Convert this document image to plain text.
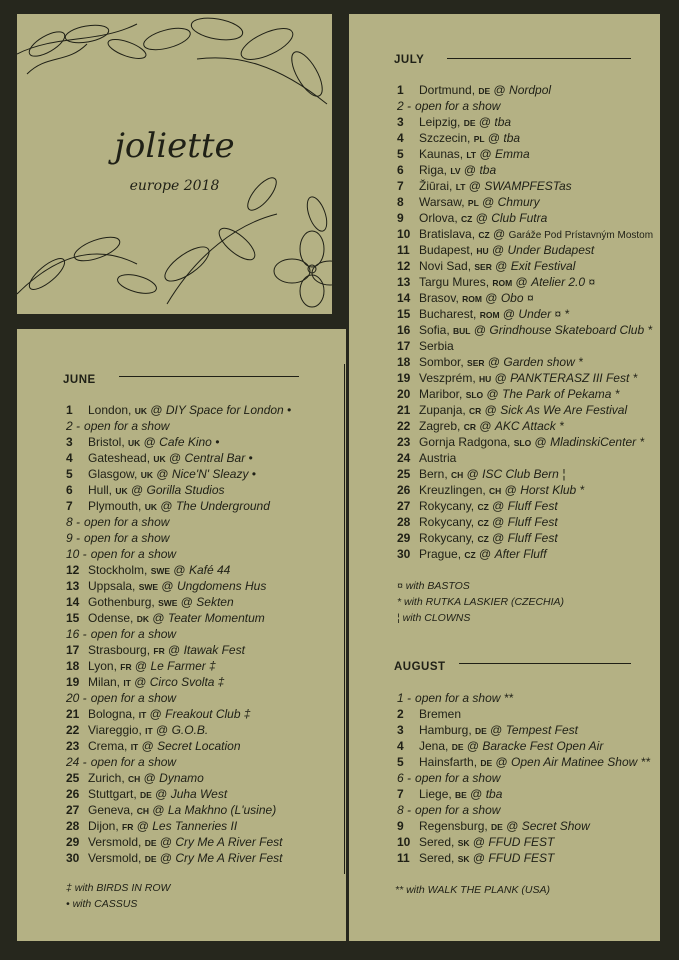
joliette
europe 2018
JUNE
1 London, UK @ DIY Space for London •
2 - open for a show
3 Bristol, UK @ Cafe Kino •
4 Gateshead, UK @ Central Bar •
5 Glasgow, UK @ Nice'N' Sleazy •
6 Hull, UK @ Gorilla Studios
7 Plymouth, UK @ The Underground
8 - open for a show
9 - open for a show
10 - open for a show
12 Stockholm, SWE @ Kafé 44
13 Uppsala, SWE @ Ungdomens Hus
14 Gothenburg, SWE @ Sekten
15 Odense, DK @ Teater Momentum
16 - open for a show
17 Strasbourg, FR @ Itawak Fest
18 Lyon, FR @ Le Farmer ‡
19 Milan, IT @ Circo Svolta ‡
20 - open for a show
21 Bologna, IT @ Freakout Club ‡
22 Viareggio, IT @ G.O.B.
23 Crema, IT @ Secret Location
24 - open for a show
25 Zurich, CH @ Dynamo
26 Stuttgart, DE @ Juha West
27 Geneva, CH @ La Makhno (L'usine)
28 Dijon, FR @ Les Tanneries II
29 Versmold, DE @ Cry Me A River Fest
30 Versmold, DE @ Cry Me A River Fest
‡ with BIRDS IN ROW
• with CASSUS
JULY
1 Dortmund, DE @ Nordpol
2 - open for a show
3 Leipzig, DE @ tba
4 Szczecin, PL @ tba
5 Kaunas, LT @ Emma
6 Riga, LV @ tba
7 Žiūrai, LT @ SWAMPFESTas
8 Warsaw, PL @ Chmury
9 Orlova, CZ @ Club Futra
10 Bratislava, CZ @ Garáže Pod Prístavným Mostom
11 Budapest, HU @ Under Budapest
12 Novi Sad, SER @ Exit Festival
13 Targu Mures, ROM @ Atelier 2.0 ¤
14 Brasov, ROM @ Obo ¤
15 Bucharest, ROM @ Under ¤ *
16 Sofia, BUL @ Grindhouse Skateboard Club *
17 Serbia
18 Sombor, SER @ Garden show *
19 Veszprém, HU @ PANKTERASZ III Fest *
20 Maribor, SLO @ The Park of Pekama *
21 Zupanja, CR @ Sick As We Are Festival
22 Zagreb, CR @ AKC Attack *
23 Gornja Radgona, SLO @ MladinskiCenter *
24 Austria
25 Bern, CH @ ISC Club Bern ¦
26 Kreuzlingen, CH @ Horst Klub *
27 Rokycany, CZ @ Fluff Fest
28 Rokycany, CZ @ Fluff Fest
29 Rokycany, CZ @ Fluff Fest
30 Prague, CZ @ After Fluff
¤ with BASTOS
* with RUTKA LASKIER (CZECHIA)
¦ with CLOWNS
AUGUST
1 - open for a show **
2 Bremen
3 Hamburg, DE @ Tempest Fest
4 Jena, DE @ Baracke Fest Open Air
5 Hainsfarth, DE @ Open Air Matinee Show **
6 - open for a show
7 Liege, BE @ tba
8 - open for a show
9 Regensburg, DE @ Secret Show
10 Sered, SK @ FFUD FEST
11 Sered, SK @ FFUD FEST
** with WALK THE PLANK (USA)
